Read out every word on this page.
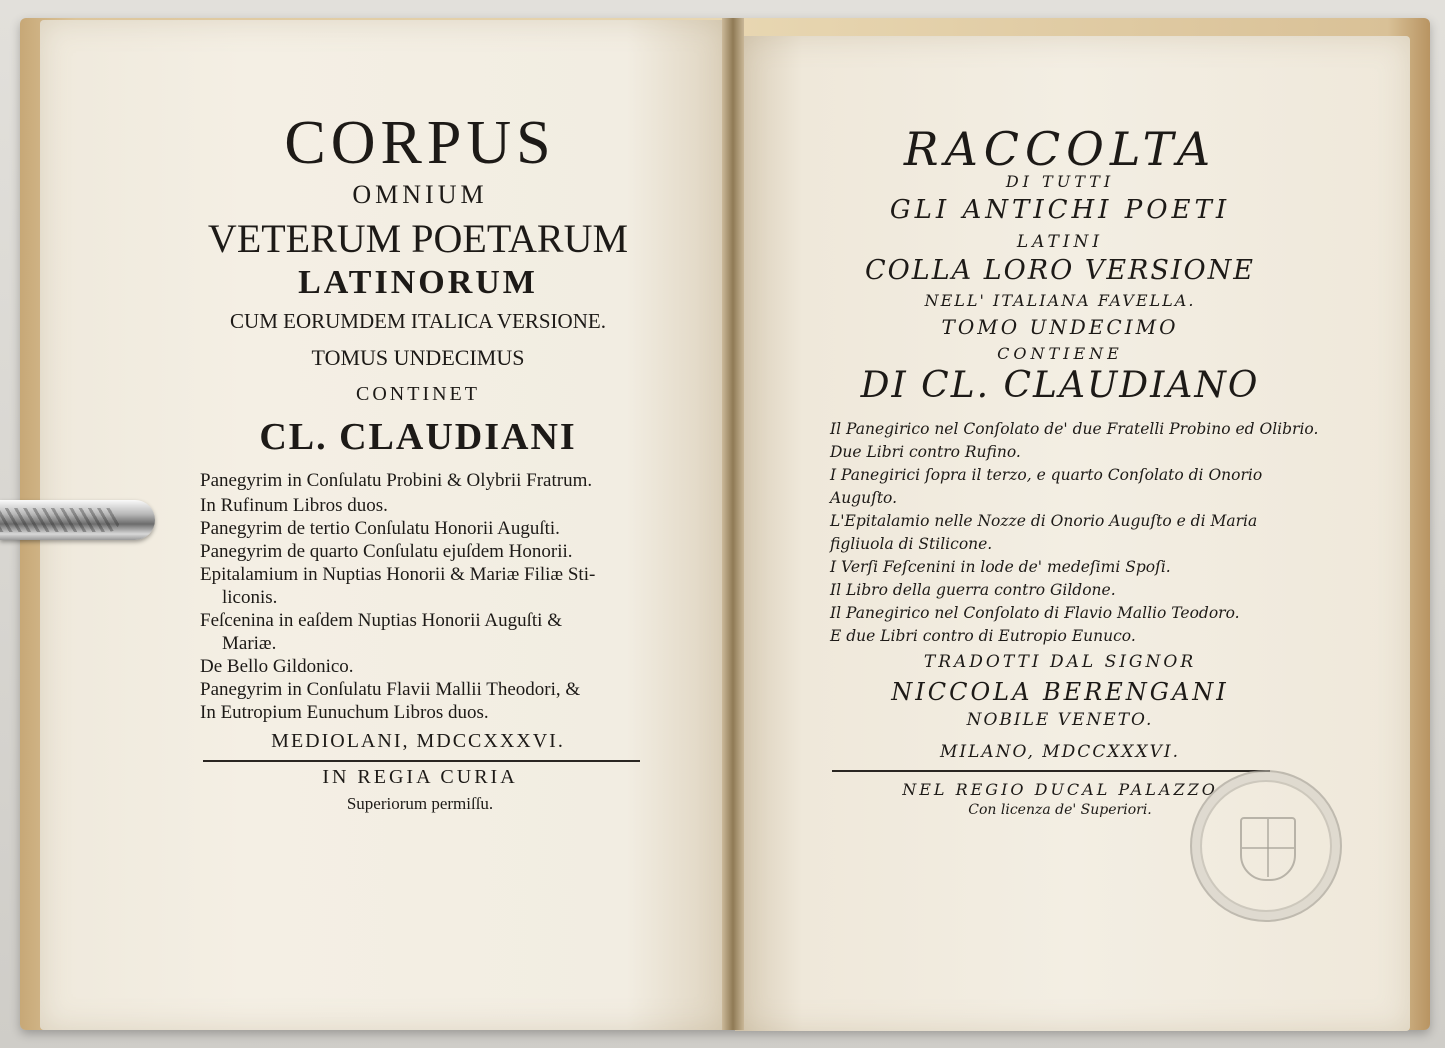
CORPUS
OMNIUM
VETERUM POETARUM
LATINORUM
CUM EORUMDEM ITALICA VERSIONE.
TOMUS UNDECIMUS
CONTINET
CL. CLAUDIANI
Panegyrim in Conſulatu Probini & Olybrii Fratrum.
In Rufinum Libros duos.
Panegyrim de tertio Conſulatu Honorii Auguſti.
Panegyrim de quarto Conſulatu ejuſdem Honorii.
Epitalamium in Nuptias Honorii & Mariæ Filiæ Sti-
liconis.
Feſcenina in eaſdem Nuptias Honorii Auguſti &
Mariæ.
De Bello Gildonico.
Panegyrim in Conſulatu Flavii Mallii Theodori, &
In Eutropium Eunuchum Libros duos.
MEDIOLANI, MDCCXXXVI.
IN REGIA CURIA
Superiorum permiſſu.
RACCOLTA
DI TUTTI
GLI ANTICHI POETI
LATINI
COLLA LORO VERSIONE
NELL' ITALIANA FAVELLA.
TOMO UNDECIMO
CONTIENE
DI CL. CLAUDIANO
Il Panegirico nel Conſolato de' due Fratelli Probino ed Olibrio.
Due Libri contro Rufino.
I Panegirici ſopra il terzo, e quarto Conſolato di Onorio
Auguſto.
L'Epitalamio nelle Nozze di Onorio Auguſto e di Maria
figliuola di Stilicone.
I Verſi Feſcenini in lode de' medeſimi Spoſi.
Il Libro della guerra contro Gildone.
Il Panegirico nel Conſolato di Flavio Mallio Teodoro.
E due Libri contro di Eutropio Eunuco.
TRADOTTI DAL SIGNOR
NICCOLA BERENGANI
NOBILE VENETO.
MILANO, MDCCXXXVI.
NEL REGIO DUCAL PALAZZO
Con licenza de' Superiori.
